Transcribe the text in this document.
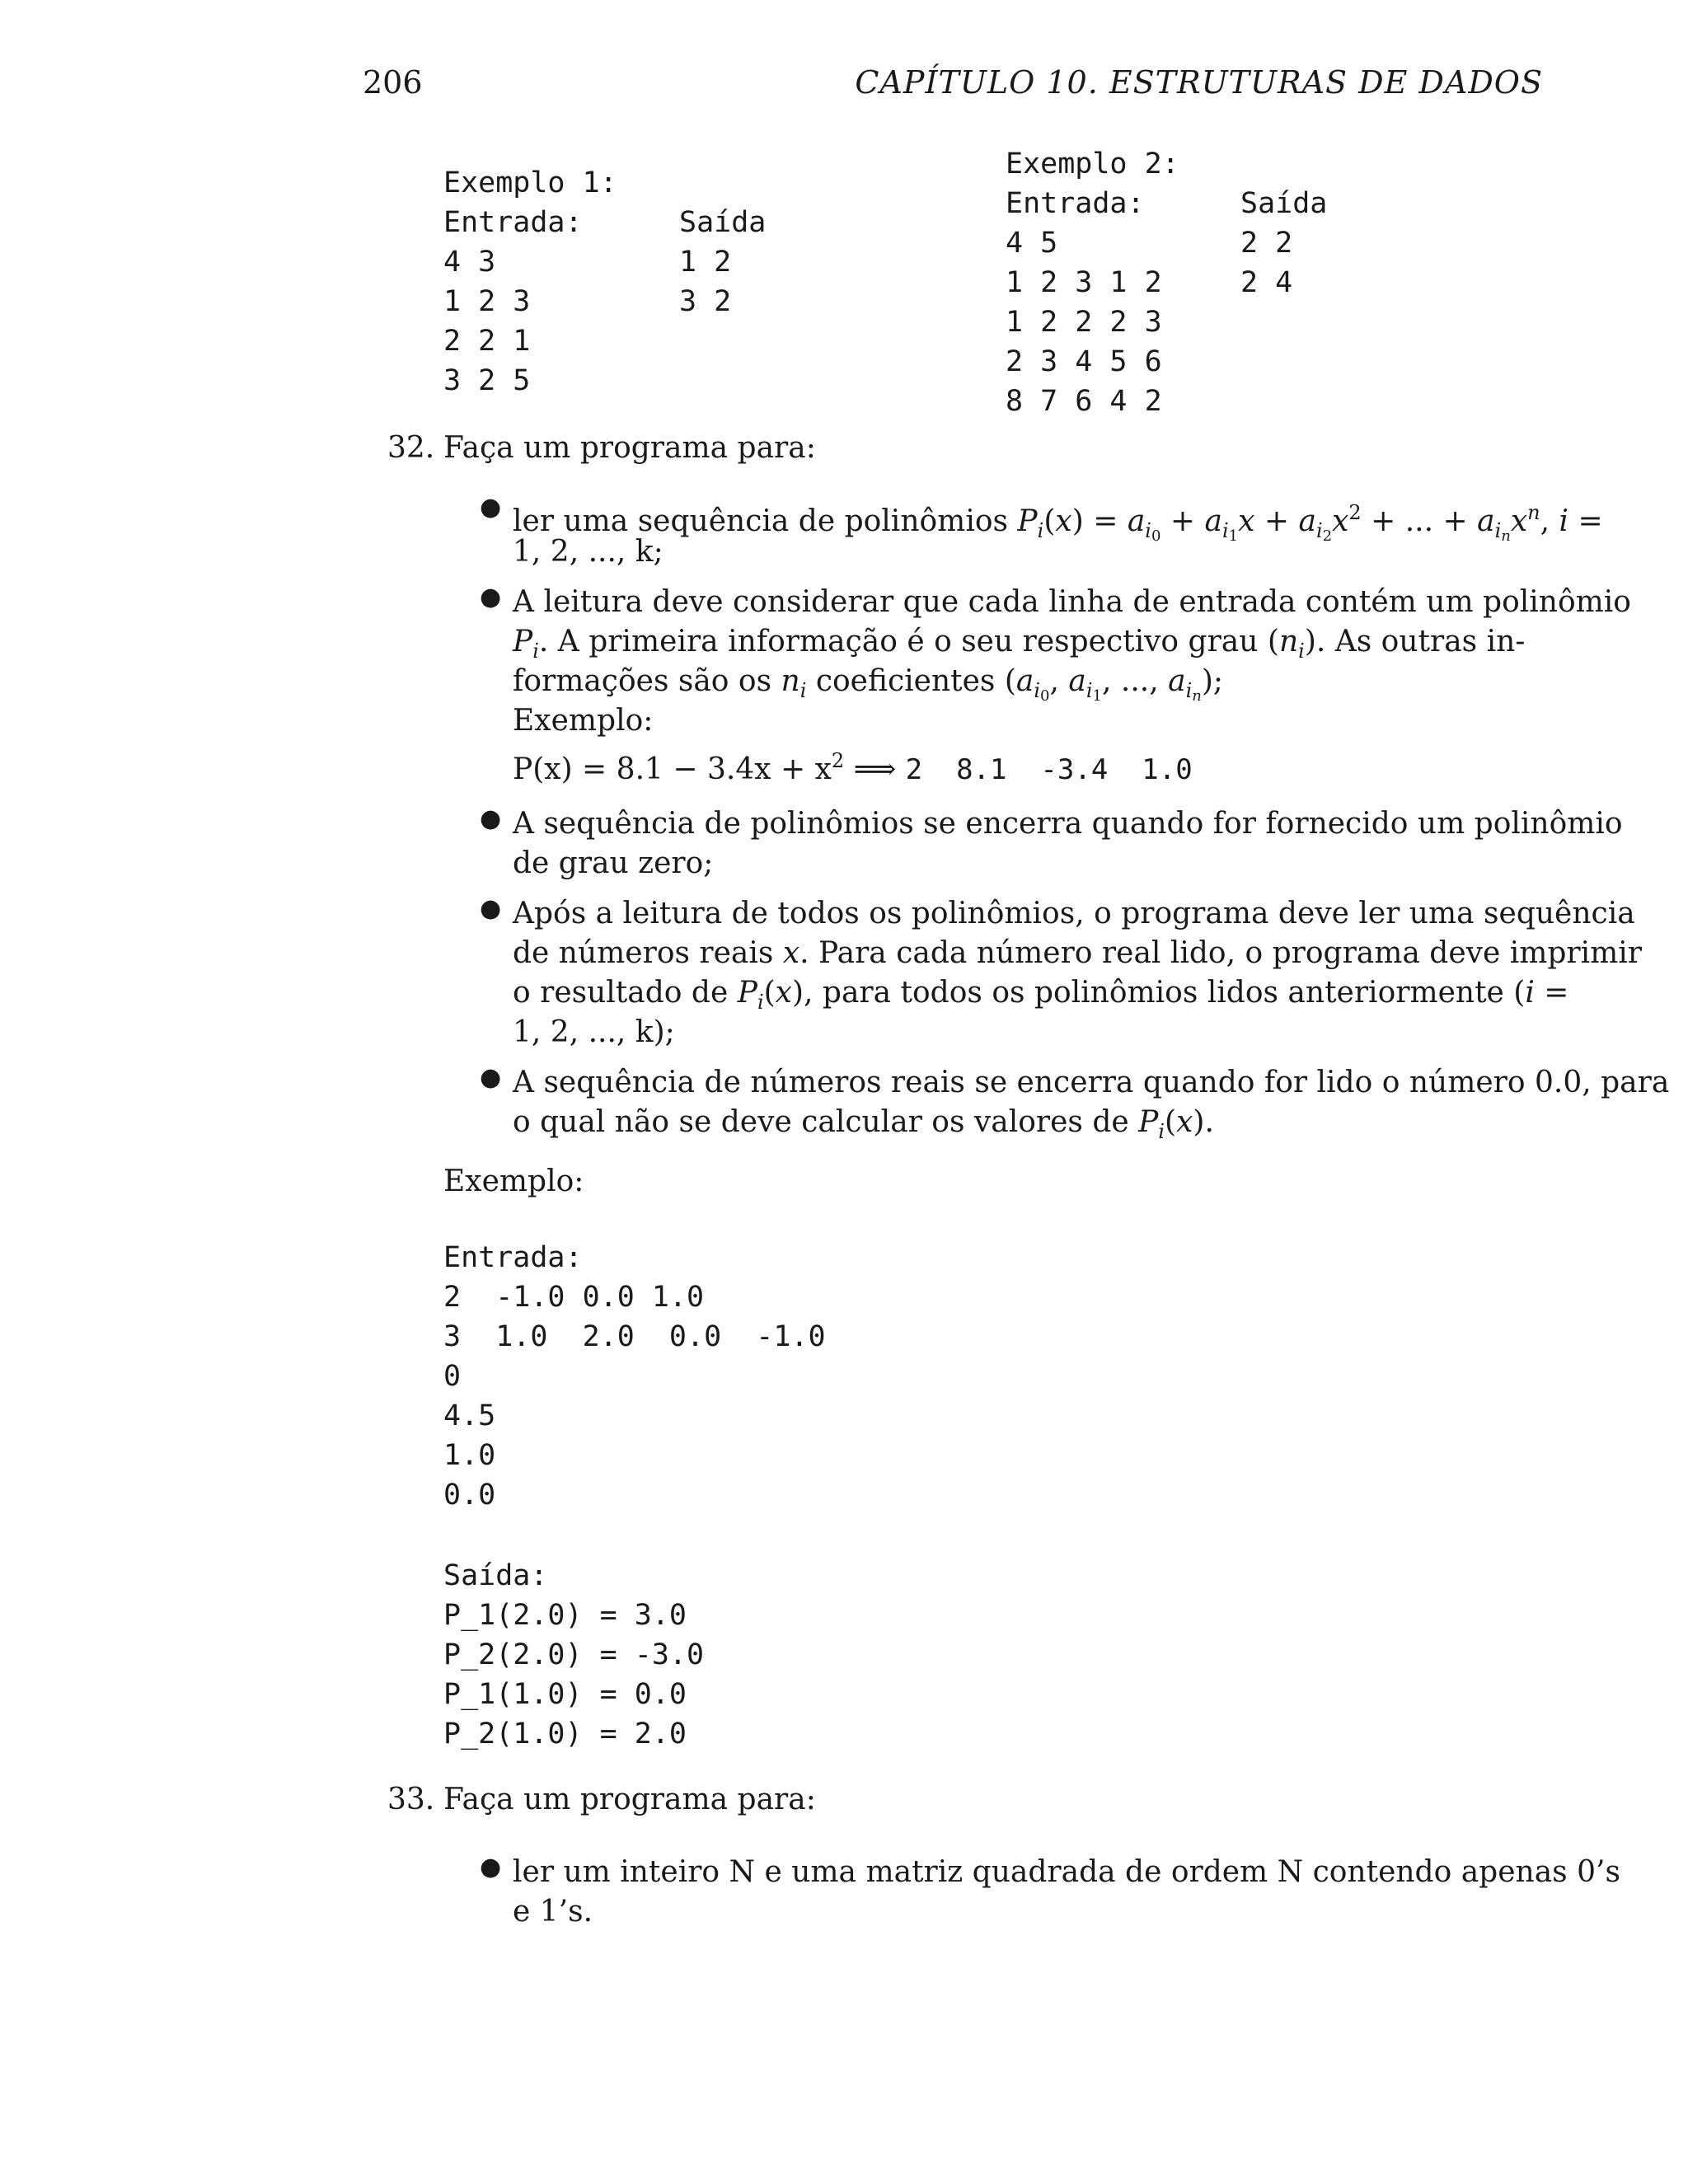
206	CAPÍTULO 10. ESTRUTURAS DE DADOS
Exemplo 1:
Entrada:
4 3
1 2 3
2 2 1
3 2 5
Saída
1 2
3 2
Exemplo 2:
Entrada:
4 5
1 2 3 1 2
1 2 2 2 3
2 3 4 5 6
8 7 6 4 2
Saída
2 2
2 4
32. Faça um programa para:
● ler uma sequência de polinômios $P_i(x) = a_{i_0} + a_{i_1}x + a_{i_2}x^2$ + ... + $a_{i_n}x^n$, i =
1, 2, ..., k;
● A leitura deve considerar que cada linha de entrada contém um polinômio
$P_i$. A primeira informação é o seu respectivo grau $(n_i)$. As outras in-
formações são os $n_i$ coeficientes ($a_{i_0}$, $a_{i_1}$, ..., $a_{i_n}$);
Exemplo:
$P(x) = 8.1 - 3.4x + x^2$ ⟹ 2  8.1  -3.4  1.0
● A sequência de polinômios se encerra quando for fornecido um polinômio
de grau zero;
● Após a leitura de todos os polinômios, o programa deve ler uma sequência
de números reais x. Para cada número real lido, o programa deve imprimir
o resultado de $P_i(x)$, para todos os polinômios lidos anteriormente (i =
1, 2, ..., k);
● A sequência de números reais se encerra quando for lido o número 0.0, para
o qual não se deve calcular os valores de $P_i(x)$.
Exemplo:
Entrada:
2  -1.0 0.0 1.0
3  1.0  2.0  0.0  -1.0
0
4.5
1.0
0.0
Saída:
P_1(2.0) = 3.0
P_2(2.0) = -3.0
P_1(1.0) = 0.0
P_2(1.0) = 2.0
33. Faça um programa para:
● ler um inteiro N e uma matriz quadrada de ordem N contendo apenas 0’s
e 1’s.
